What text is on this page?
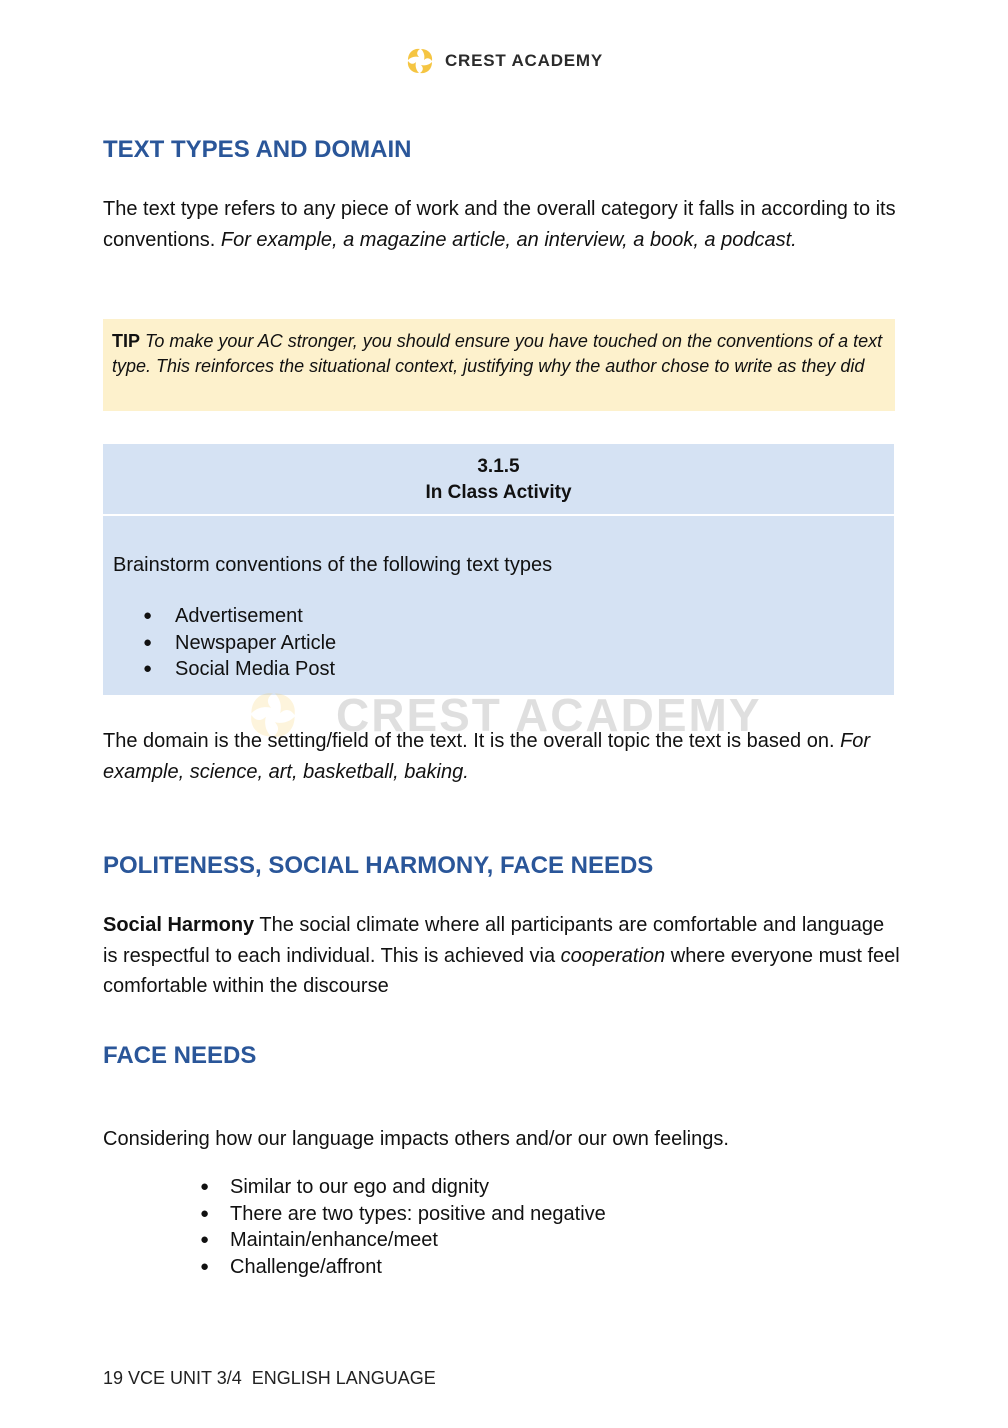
CREST ACADEMY
TEXT TYPES AND DOMAIN

The text type refers to any piece of work and the overall category it falls in according to its conventions. For example, a magazine article, an interview, a book, a podcast.

TIP To make your AC stronger, you should ensure you have touched on the conventions of a text type. This reinforces the situational context, justifying why the author chose to write as they did
3.1.5
In Class Activity

Brainstorm conventions of the following text types

● Advertisement
● Newspaper Article
● Social Media Post
CREST ACADEMY

The domain is the setting/field of the text. It is the overall topic the text is based on. For example, science, art, basketball, baking.

POLITENESS, SOCIAL HARMONY, FACE NEEDS

Social Harmony The social climate where all participants are comfortable and language is respectful to each individual. This is achieved via cooperation where everyone must feel comfortable within the discourse

FACE NEEDS

Considering how our language impacts others and/or our own feelings.

● Similar to our ego and dignity
● There are two types: positive and negative
● Maintain/enhance/meet
● Challenge/affront
19 VCE UNIT 3/4  ENGLISH LANGUAGE
